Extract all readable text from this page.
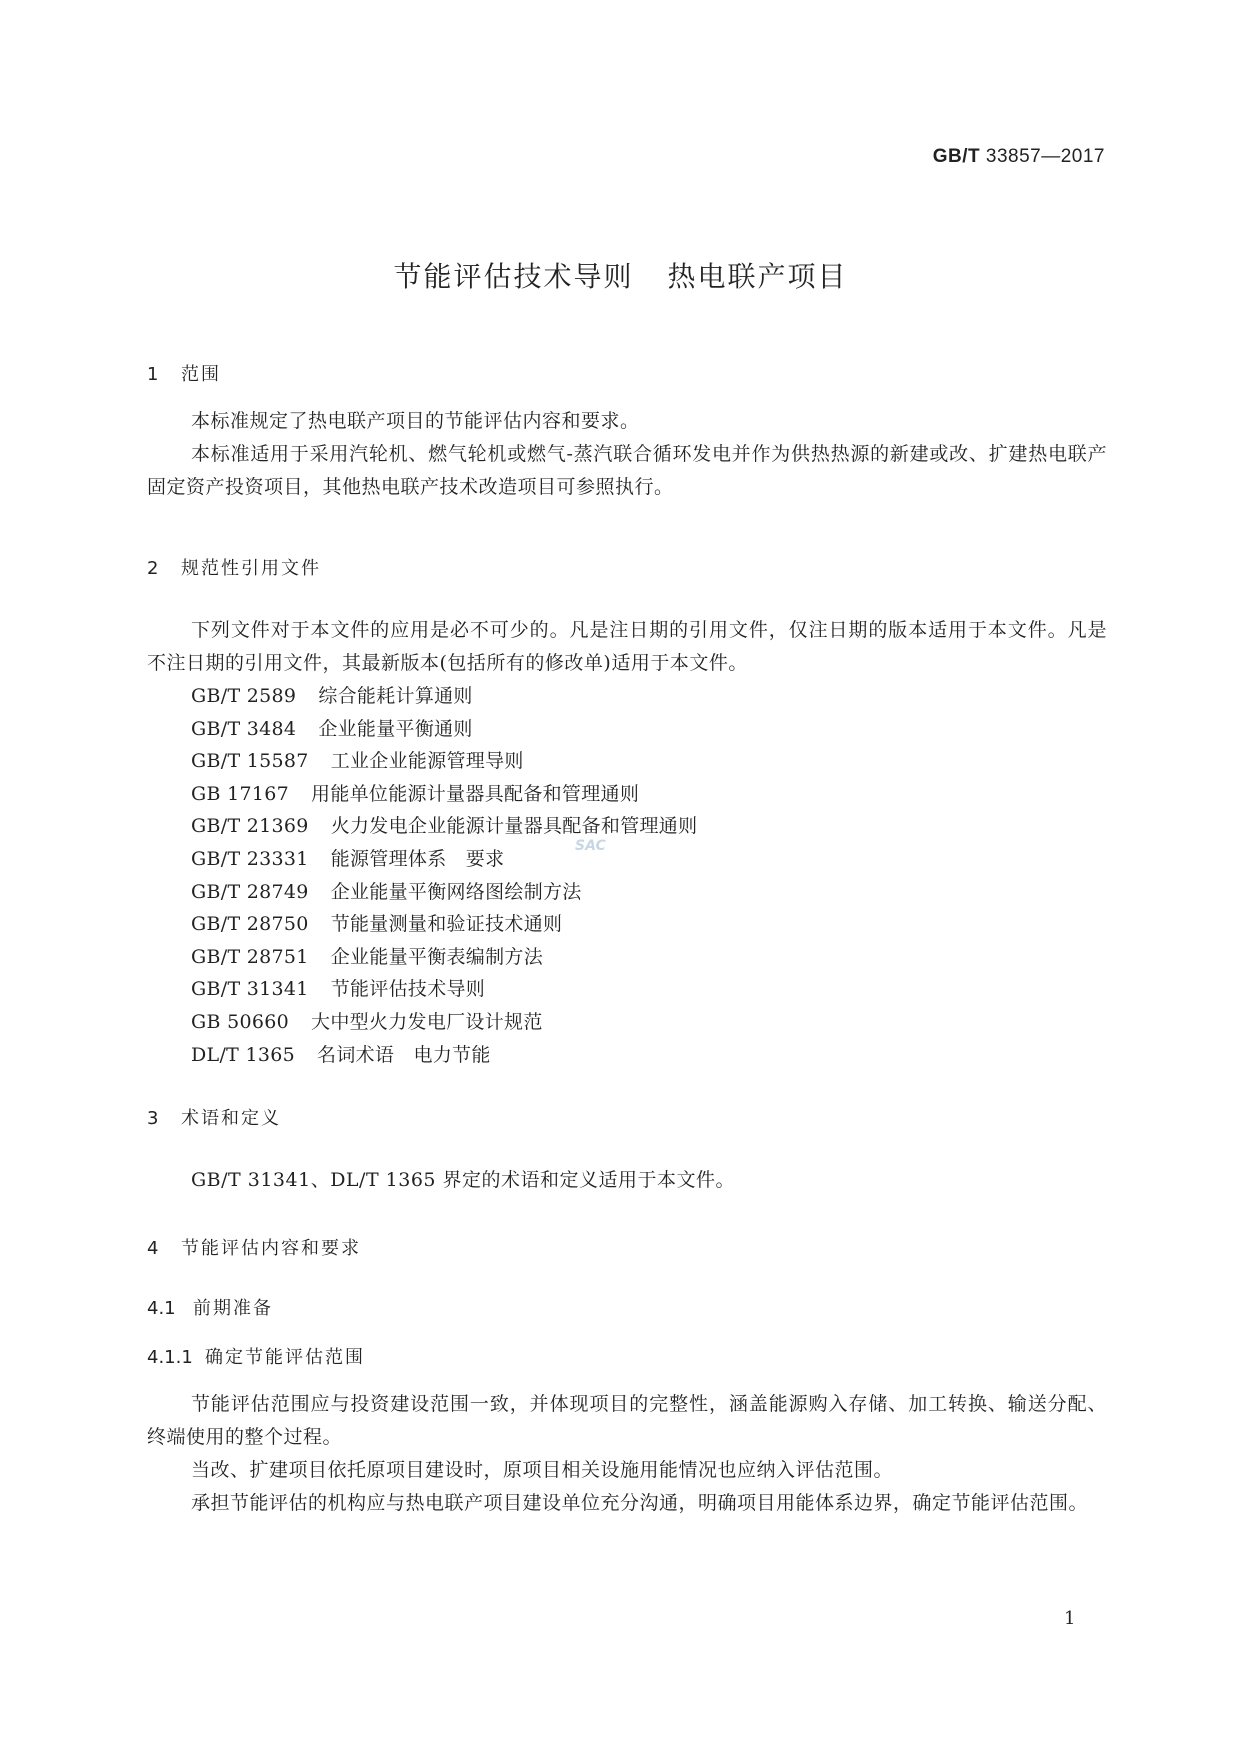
GB/T 33857—2017
节能评估技术导则 热电联产项目
1 范围

本标准规定了热电联产项目的节能评估内容和要求。

本标准适用于采用汽轮机、燃气轮机或燃气-蒸汽联合循环发电并作为供热热源的新建或改、扩建热电联产固定资产投资项目，其他热电联产技术改造项目可参照执行。

2 规范性引用文件

下列文件对于本文件的应用是必不可少的。凡是注日期的引用文件，仅注日期的版本适用于本文件。凡是不注日期的引用文件，其最新版本(包括所有的修改单)适用于本文件。

GB/T 2589 综合能耗计算通则
GB/T 3484 企业能量平衡通则
GB/T 15587 工业企业能源管理导则
GB 17167 用能单位能源计量器具配备和管理通则
GB/T 21369 火力发电企业能源计量器具配备和管理通则
GB/T 23331 能源管理体系　要求
GB/T 28749 企业能量平衡网络图绘制方法
GB/T 28750 节能量测量和验证技术通则
GB/T 28751 企业能量平衡表编制方法
GB/T 31341 节能评估技术导则
GB 50660 大中型火力发电厂设计规范
DL/T 1365 名词术语　电力节能
SAC
3 术语和定义

GB/T 31341、DL/T 1365 界定的术语和定义适用于本文件。

4 节能评估内容和要求
4.1 前期准备
4.1.1 确定节能评估范围

节能评估范围应与投资建设范围一致，并体现项目的完整性，涵盖能源购入存储、加工转换、输送分配、终端使用的整个过程。

当改、扩建项目依托原项目建设时，原项目相关设施用能情况也应纳入评估范围。

承担节能评估的机构应与热电联产项目建设单位充分沟通，明确项目用能体系边界，确定节能评估范围。

1
